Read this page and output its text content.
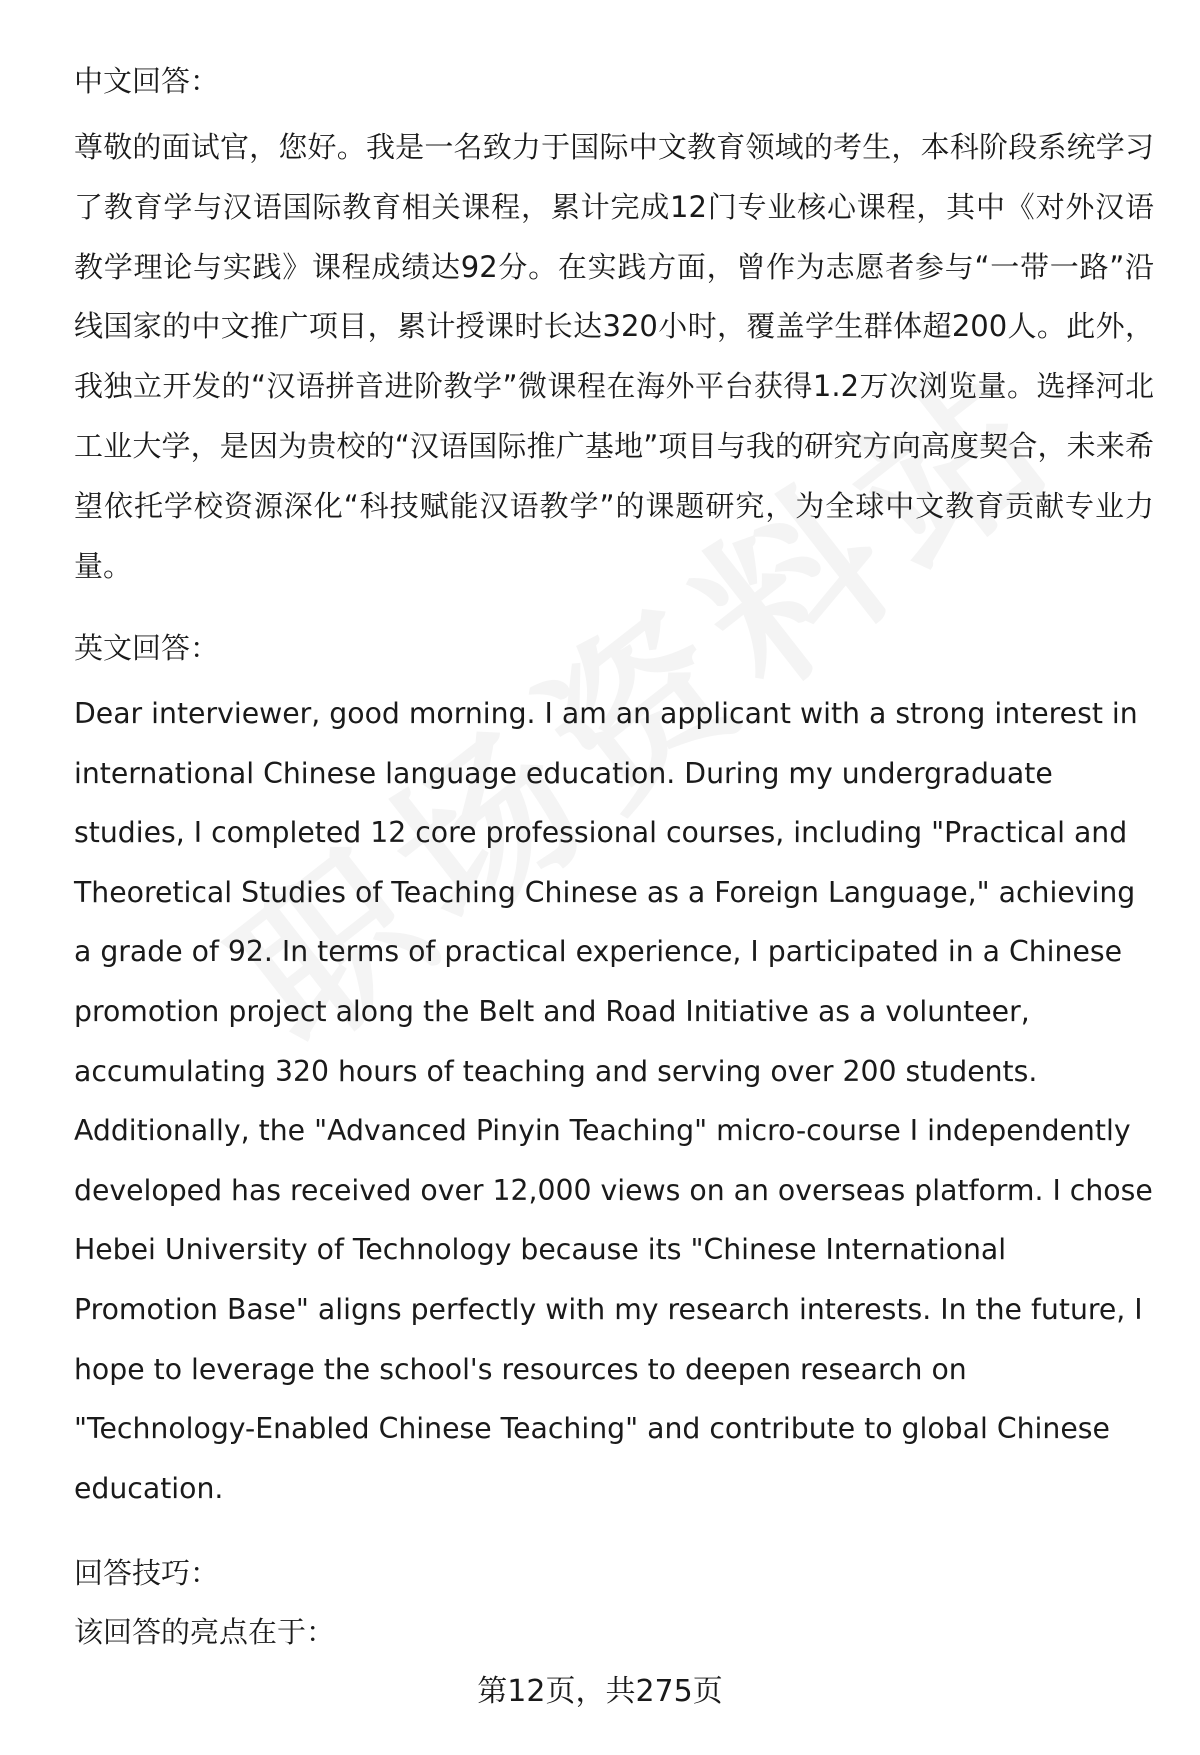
中文回答：

尊敬的面试官，您好。我是一名致力于国际中文教育领域的考生，本科阶段系统学习了教育学与汉语国际教育相关课程，累计完成12门专业核心课程，其中《对外汉语教学理论与实践》课程成绩达92分。在实践方面，曾作为志愿者参与“一带一路”沿线国家的中文推广项目，累计授课时长达320小时，覆盖学生群体超200人。此外，我独立开发的“汉语拼音进阶教学”微课程在海外平台获得1.2万次浏览量。选择河北工业大学，是因为贵校的“汉语国际推广基地”项目与我的研究方向高度契合，未来希望依托学校资源深化“科技赋能汉语教学”的课题研究，为全球中文教育贡献专业力量。

英文回答：

Dear interviewer, good morning. I am an applicant with a strong interest in
international Chinese language education. During my undergraduate
studies, I completed 12 core professional courses, including "Practical and
Theoretical Studies of Teaching Chinese as a Foreign Language," achieving
a grade of 92. In terms of practical experience, I participated in a Chinese
promotion project along the Belt and Road Initiative as a volunteer,
accumulating 320 hours of teaching and serving over 200 students.
Additionally, the "Advanced Pinyin Teaching" micro-course I independently
developed has received over 12,000 views on an overseas platform. I chose
Hebei University of Technology because its "Chinese International
Promotion Base" aligns perfectly with my research interests. In the future, I
hope to leverage the school's resources to deepen research on
"Technology-Enabled Chinese Teaching" and contribute to global Chinese
education.

回答技巧：

该回答的亮点在于：

第12页，共275页
